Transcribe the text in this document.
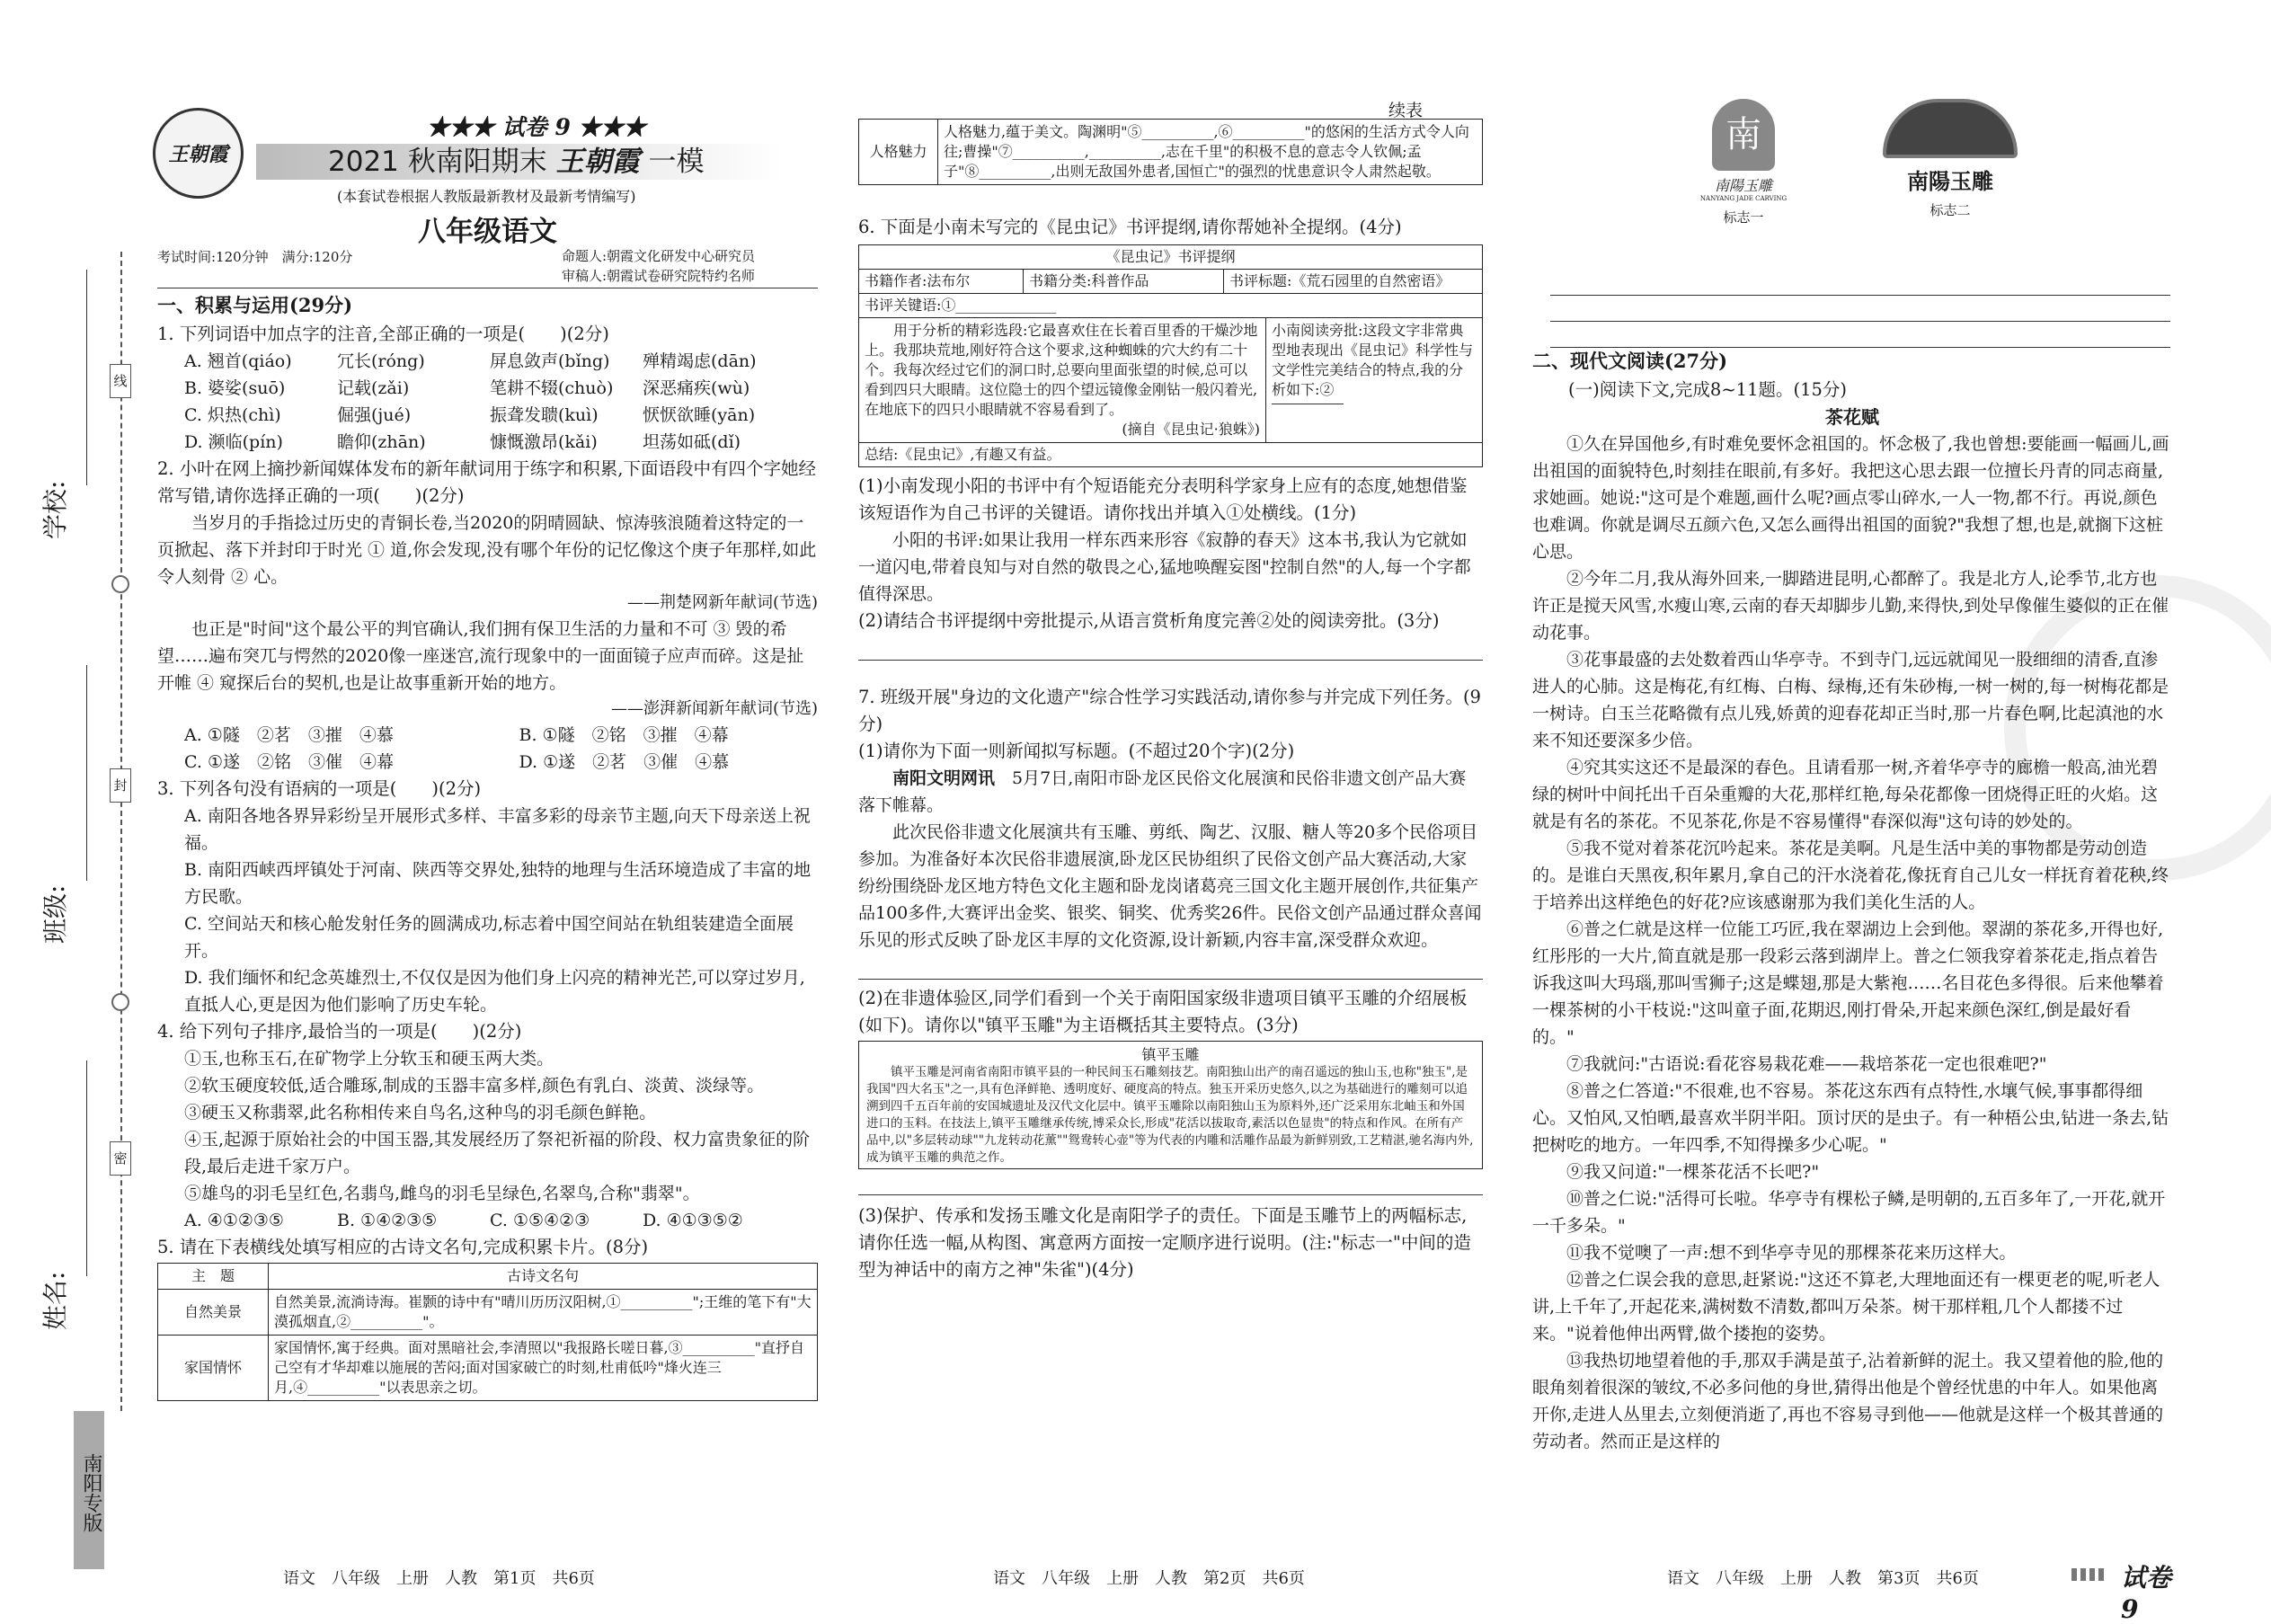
线
封
密
学校:
班级:
姓名:
南阳专版
王朝霞
★★★ 试卷 9 ★★★
2021 秋南阳期末 王朝霞 一模
(本套试卷根据人教版最新教材及最新考情编写)
八年级语文
考试时间:120分钟　满分:120分	命题人:朝霞文化研发中心研究员
审稿人:朝霞试卷研究院特约名师

一、积累与运用(29分)

1. 下列词语中加点字的注音,全部正确的一项是(　　)(2分)

A. 翘首(qiáo)	冗长(róng)	屏息敛声(bǐng)	殚精竭虑(dān)
B. 婆娑(suō)	记载(zǎi)	笔耕不辍(chuò)	深恶痛疾(wù)
C. 炽热(chì)	倔强(jué)	振聋发聩(kuì)	恹恹欲睡(yān)
D. 濒临(pín)	瞻仰(zhān)	慷慨激昂(kǎi)	坦荡如砥(dǐ)

2. 小叶在网上摘抄新闻媒体发布的新年献词用于练字和积累,下面语段中有四个字她经常写错,请你选择正确的一项(　　)(2分)

当岁月的手指捻过历史的青铜长卷,当2020的阴晴圆缺、惊涛骇浪随着这特定的一页掀起、落下并封印于时光 ① 道,你会发现,没有哪个年份的记忆像这个庚子年那样,如此令人刻骨 ② 心。

——荆楚网新年献词(节选)

也正是"时间"这个最公平的判官确认,我们拥有保卫生活的力量和不可 ③ 毁的希望……遍布突兀与愕然的2020像一座迷宫,流行现象中的一面面镜子应声而碎。这是扯开帷 ④ 窥探后台的契机,也是让故事重新开始的地方。

——澎湃新闻新年献词(节选)

A. ①隧　②茗　③摧　④慕	B. ①隧　②铭　③摧　④幕
C. ①遂　②铭　③催　④幕	D. ①遂　②茗　③催　④慕

3. 下列各句没有语病的一项是(　　)(2分)

A. 南阳各地各界异彩纷呈开展形式多样、丰富多彩的母亲节主题,向天下母亲送上祝福。

B. 南阳西峡西坪镇处于河南、陕西等交界处,独特的地理与生活环境造成了丰富的地方民歌。

C. 空间站天和核心舱发射任务的圆满成功,标志着中国空间站在轨组装建造全面展开。

D. 我们缅怀和纪念英雄烈士,不仅仅是因为他们身上闪亮的精神光芒,可以穿过岁月,直抵人心,更是因为他们影响了历史车轮。

4. 给下列句子排序,最恰当的一项是(　　)(2分)

①玉,也称玉石,在矿物学上分软玉和硬玉两大类。

②软玉硬度较低,适合雕琢,制成的玉器丰富多样,颜色有乳白、淡黄、淡绿等。

③硬玉又称翡翠,此名称相传来自鸟名,这种鸟的羽毛颜色鲜艳。

④玉,起源于原始社会的中国玉器,其发展经历了祭祀祈福的阶段、权力富贵象征的阶段,最后走进千家万户。

⑤雄鸟的羽毛呈红色,名翡鸟,雌鸟的羽毛呈绿色,名翠鸟,合称"翡翠"。

A. ④①②③⑤	B. ①④②③⑤	C. ①⑤④②③	D. ④①③⑤②

5. 请在下表横线处填写相应的古诗文名句,完成积累卡片。(8分)

主　题	古诗文名句
自然美景	自然美景,流淌诗海。崔颢的诗中有"晴川历历汉阳树,①__________";王维的笔下有"大漠孤烟直,②__________"。
家国情怀	家国情怀,寓于经典。面对黑暗社会,李清照以"我报路长嗟日暮,③__________"直抒自己空有才华却难以施展的苦闷;面对国家破亡的时刻,杜甫低吟"烽火连三月,④__________"以表思亲之切。
语文　八年级　上册　人教　第1页　共6页
续表
人格魅力	人格魅力,蕴于美文。陶渊明"⑤__________,⑥__________"的悠闲的生活方式令人向往;曹操"⑦__________,__________,志在千里"的积极不息的意志令人钦佩;孟子"⑧__________,出则无敌国外患者,国恒亡"的强烈的忧患意识令人肃然起敬。

6. 下面是小南未写完的《昆虫记》书评提纲,请你帮她补全提纲。(4分)

《昆虫记》书评提纲
书籍作者:法布尔	书籍分类:科普作品	书评标题:《荒石园里的自然密语》
书评关键语:①______________
用于分析的精彩选段:它最喜欢住在长着百里香的干燥沙地上。我那块荒地,刚好符合这个要求,这种蜘蛛的穴大约有二十个。我每次经过它们的洞口时,总要向里面张望的时候,总可以看到四只大眼睛。这位隐士的四个望远镜像金刚钻一般闪着光,在地底下的四只小眼睛就不容易看到了。
(摘自《昆虫记·狼蛛》)
小南阅读旁批:这段文字非常典型地表现出《昆虫记》科学性与文学性完美结合的特点,我的分析如下:②
总结:《昆虫记》,有趣又有益。

(1)小南发现小阳的书评中有个短语能充分表明科学家身上应有的态度,她想借鉴该短语作为自己书评的关键语。请你找出并填入①处横线。(1分)

小阳的书评:如果让我用一样东西来形容《寂静的春天》这本书,我认为它就如一道闪电,带着良知与对自然的敬畏之心,猛地唤醒妄图"控制自然"的人,每一个字都值得深思。

(2)请结合书评提纲中旁批提示,从语言赏析角度完善②处的阅读旁批。(3分)

7. 班级开展"身边的文化遗产"综合性学习实践活动,请你参与并完成下列任务。(9分)

(1)请你为下面一则新闻拟写标题。(不超过20个字)(2分)

南阳文明网讯　 5月7日,南阳市卧龙区民俗文化展演和民俗非遗文创产品大赛落下帷幕。

此次民俗非遗文化展演共有玉雕、剪纸、陶艺、汉服、糖人等20多个民俗项目参加。为准备好本次民俗非遗展演,卧龙区民协组织了民俗文创产品大赛活动,大家纷纷围绕卧龙区地方特色文化主题和卧龙岗诸葛亮三国文化主题开展创作,共征集产品100多件,大赛评出金奖、银奖、铜奖、优秀奖26件。民俗文创产品通过群众喜闻乐见的形式反映了卧龙区丰厚的文化资源,设计新颖,内容丰富,深受群众欢迎。

(2)在非遗体验区,同学们看到一个关于南阳国家级非遗项目镇平玉雕的介绍展板(如下)。请你以"镇平玉雕"为主语概括其主要特点。(3分)

镇平玉雕
镇平玉雕是河南省南阳市镇平县的一种民间玉石雕刻技艺。南阳独山出产的南召遥远的独山玉,也称"独玉",是我国"四大名玉"之一,具有色泽鲜艳、透明度好、硬度高的特点。独玉开采历史悠久,以之为基础进行的雕刻可以追溯到四千五百年前的安国城遗址及汉代文化层中。镇平玉雕除以南阳独山玉为原料外,还广泛采用东北岫玉和外国进口的玉料。在技法上,镇平玉雕继承传统,博采众长,形成"花活以拔取奇,素活以色显贵"的特点和作风。在所有产品中,以"多层转动球""九龙转动花薰""鸳鸯转心壶"等为代表的内雕和活雕作品最为新鲜别致,工艺精湛,驰名海内外,成为镇平玉雕的典范之作。

(3)保护、传承和发扬玉雕文化是南阳学子的责任。下面是玉雕节上的两幅标志,请你任选一幅,从构图、寓意两方面按一定顺序进行说明。(注:"标志一"中间的造型为神话中的南方之神"朱雀")(4分)

语文　八年级　上册　人教　第2页　共6页
南
南陽玉雕
NANYANG JADE CARVING
标志一
南陽玉雕
标志二

二、现代文阅读(27分)

(一)阅读下文,完成8~11题。(15分)

茶花赋

①久在异国他乡,有时难免要怀念祖国的。怀念极了,我也曾想:要能画一幅画儿,画出祖国的面貌特色,时刻挂在眼前,有多好。我把这心思去跟一位擅长丹青的同志商量,求她画。她说:"这可是个难题,画什么呢?画点零山碎水,一人一物,都不行。再说,颜色也难调。你就是调尽五颜六色,又怎么画得出祖国的面貌?"我想了想,也是,就搁下这桩心思。

②今年二月,我从海外回来,一脚踏进昆明,心都醉了。我是北方人,论季节,北方也许正是搅天风雪,水瘦山寒,云南的春天却脚步儿勤,来得快,到处早像催生婆似的正在催动花事。

③花事最盛的去处数着西山华亭寺。不到寺门,远远就闻见一股细细的清香,直渗进人的心肺。这是梅花,有红梅、白梅、绿梅,还有朱砂梅,一树一树的,每一树梅花都是一树诗。白玉兰花略微有点儿残,娇黄的迎春花却正当时,那一片春色啊,比起滇池的水来不知还要深多少倍。

④究其实这还不是最深的春色。且请看那一树,齐着华亭寺的廊檐一般高,油光碧绿的树叶中间托出千百朵重瓣的大花,那样红艳,每朵花都像一团烧得正旺的火焰。这就是有名的茶花。不见茶花,你是不容易懂得"春深似海"这句诗的妙处的。

⑤我不觉对着茶花沉吟起来。茶花是美啊。凡是生活中美的事物都是劳动创造的。是谁白天黑夜,积年累月,拿自己的汗水浇着花,像抚育自己儿女一样抚育着花秧,终于培养出这样绝色的好花?应该感谢那为我们美化生活的人。

⑥普之仁就是这样一位能工巧匠,我在翠湖边上会到他。翠湖的茶花多,开得也好,红彤彤的一大片,简直就是那一段彩云落到湖岸上。普之仁领我穿着茶花走,指点着告诉我这叫大玛瑙,那叫雪狮子;这是蝶翅,那是大紫袍……名目花色多得很。后来他攀着一棵茶树的小干枝说:"这叫童子面,花期迟,刚打骨朵,开起来颜色深红,倒是最好看的。"

⑦我就问:"古语说:看花容易栽花难——栽培茶花一定也很难吧?"

⑧普之仁答道:"不很难,也不容易。茶花这东西有点特性,水壤气候,事事都得细心。又怕风,又怕晒,最喜欢半阴半阳。顶讨厌的是虫子。有一种梧公虫,钻进一条去,钻把树吃的地方。一年四季,不知得操多少心呢。"

⑨我又问道:"一棵茶花活不长吧?"

⑩普之仁说:"活得可长啦。华亭寺有棵松子鳞,是明朝的,五百多年了,一开花,就开一千多朵。"

⑪我不觉噢了一声:想不到华亭寺见的那棵茶花来历这样大。

⑫普之仁误会我的意思,赶紧说:"这还不算老,大理地面还有一棵更老的呢,听老人讲,上千年了,开起花来,满树数不清数,都叫万朵茶。树干那样粗,几个人都搂不过来。"说着他伸出两臂,做个搂抱的姿势。

⑬我热切地望着他的手,那双手满是茧子,沾着新鲜的泥土。我又望着他的脸,他的眼角刻着很深的皱纹,不必多问他的身世,猜得出他是个曾经忧患的中年人。如果他离开你,走进人丛里去,立刻便消逝了,再也不容易寻到他——他就是这样一个极其普通的劳动者。然而正是这样的

语文　八年级　上册　人教　第3页　共6页	试卷 9
